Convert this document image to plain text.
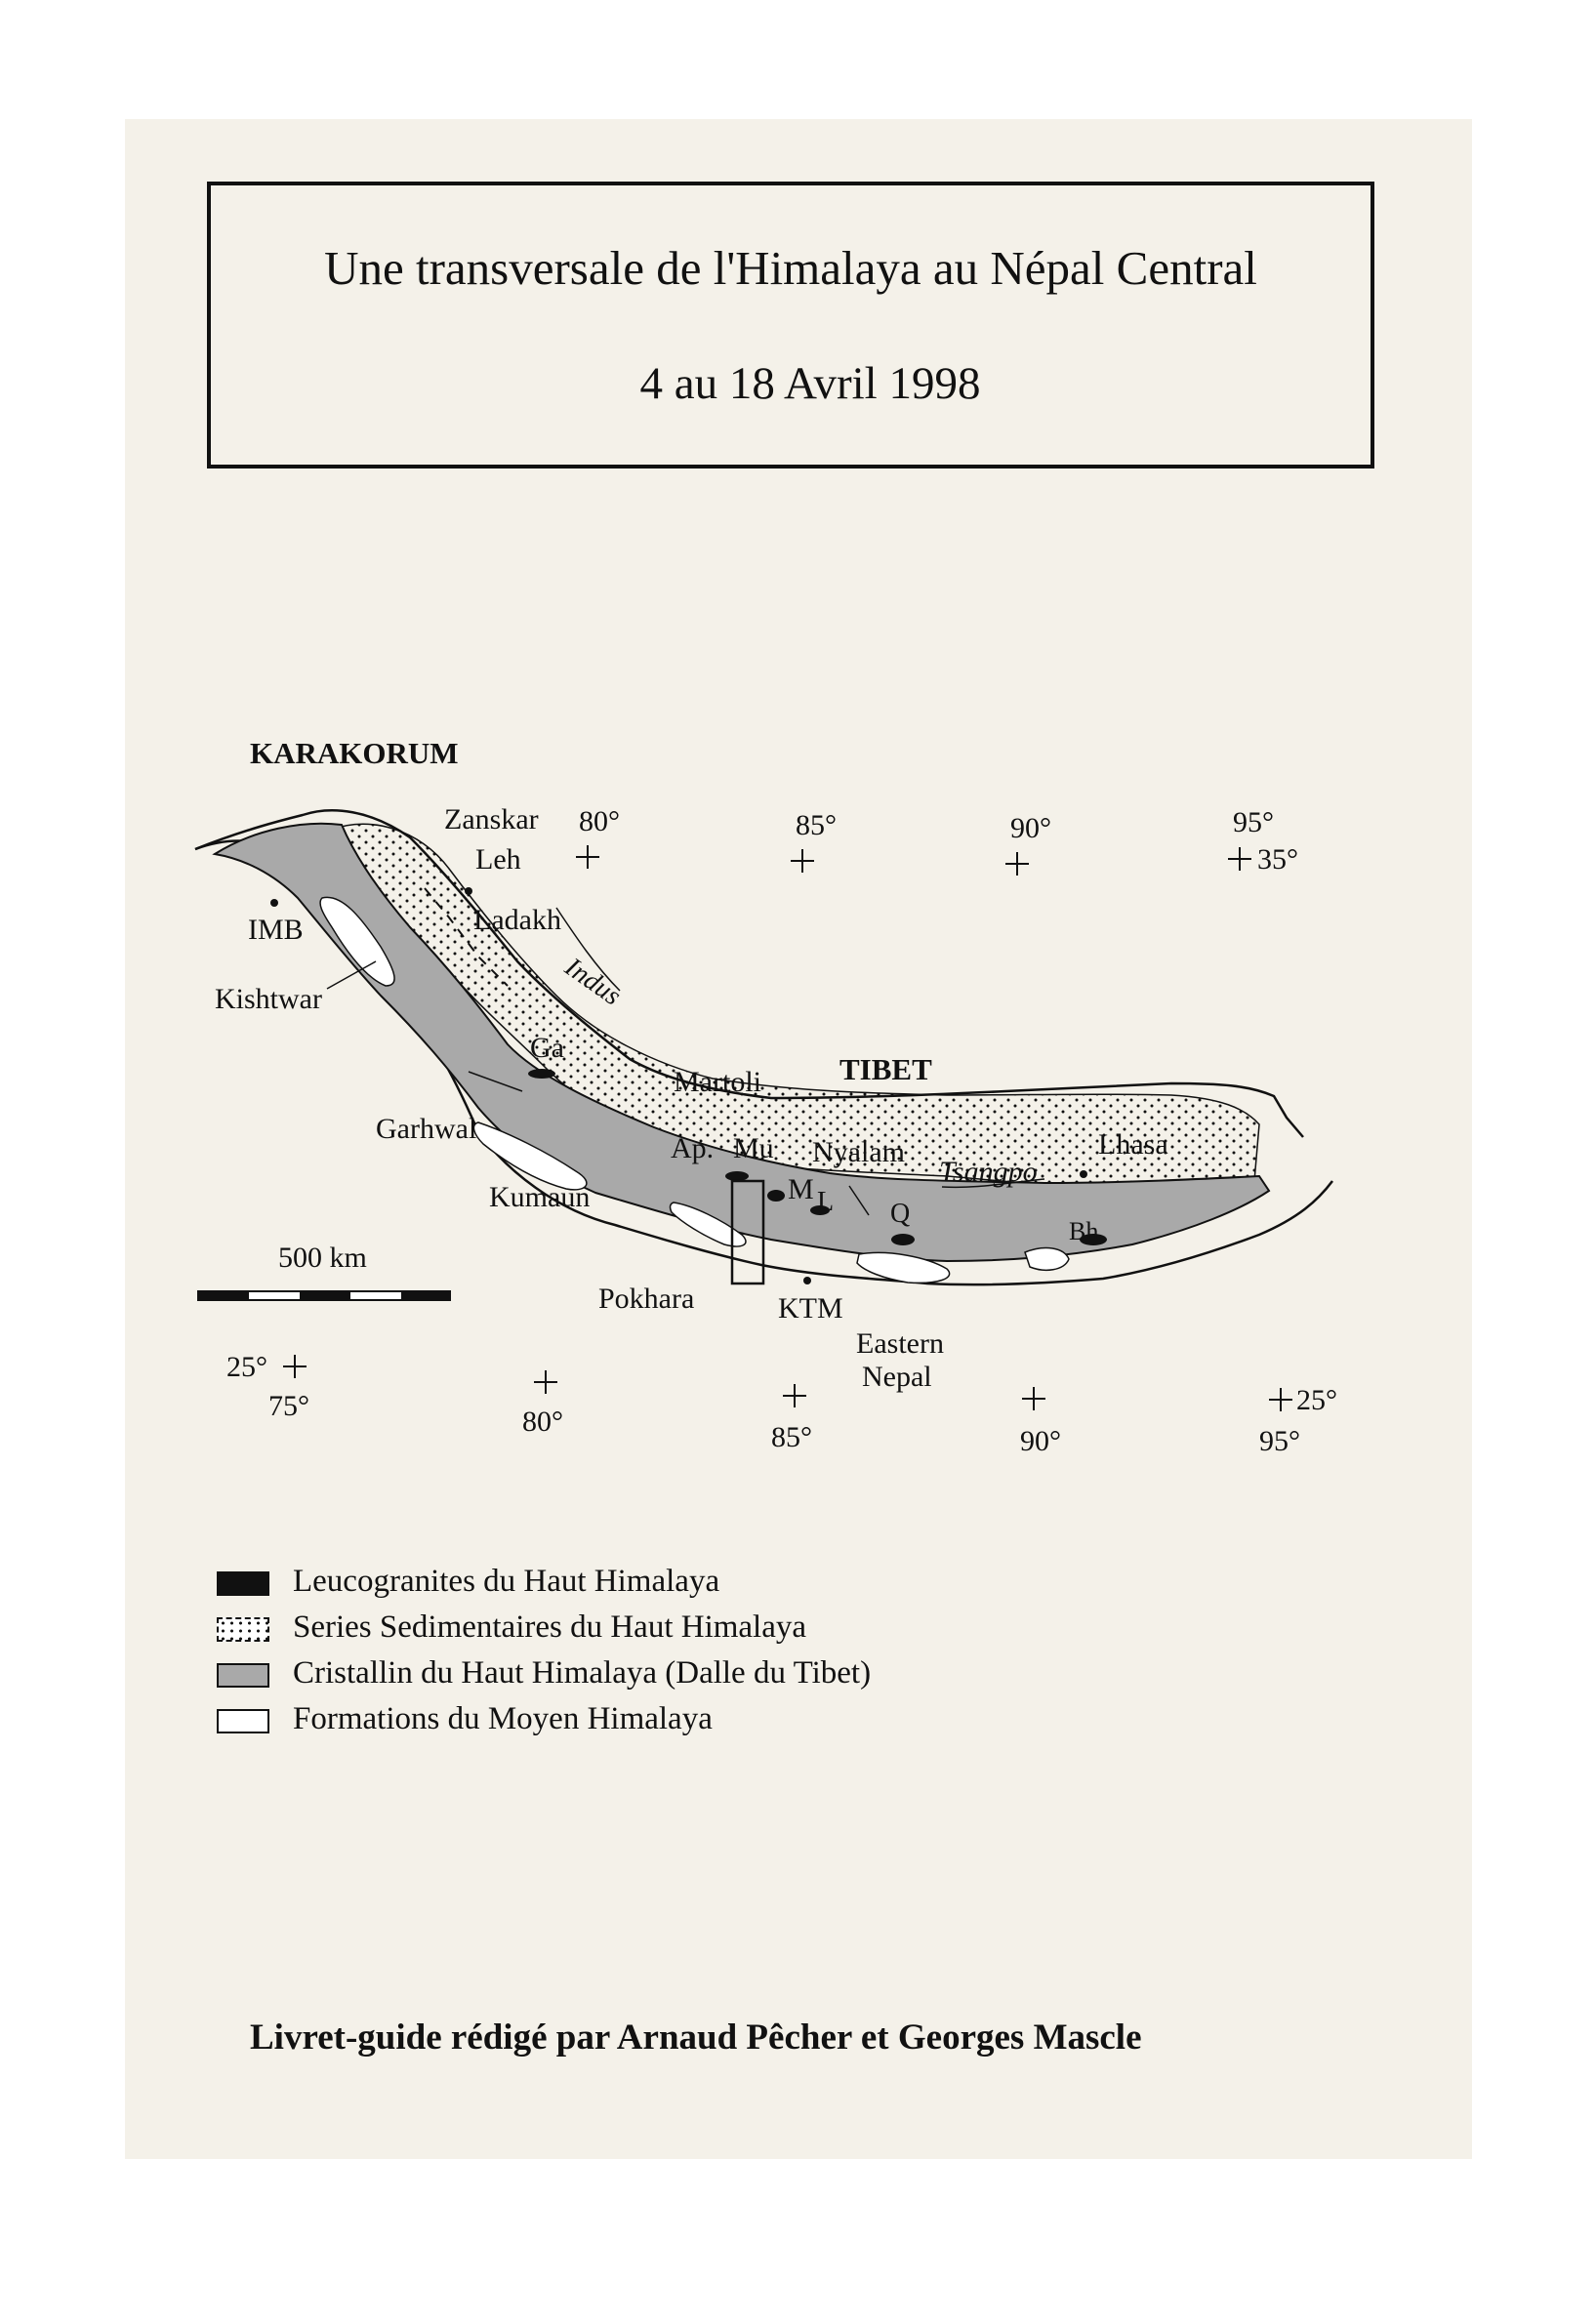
Une transversale de l'Himalaya au Népal Central
4 au 18 Avril 1998
KARAKORUM
TIBET
Zanskar
Leh
Ladakh
IMB
Kishtwar
Ga
Martoli
Garhwal
Ap. Mu Nyalam	Lhasa
Kumaun	M L Q
Bh
Pokhara	KTM
Eastern
Nepal
Indus
Tsangpo
80°	85°	90°	95°
35°
25°
25°
75°	80°	85°	90°	95°
500 km
Leucogranites du Haut Himalaya
Series Sedimentaires du Haut Himalaya
Cristallin du Haut Himalaya (Dalle du Tibet)
Formations du Moyen Himalaya
Livret-guide rédigé par Arnaud Pêcher et Georges Mascle
